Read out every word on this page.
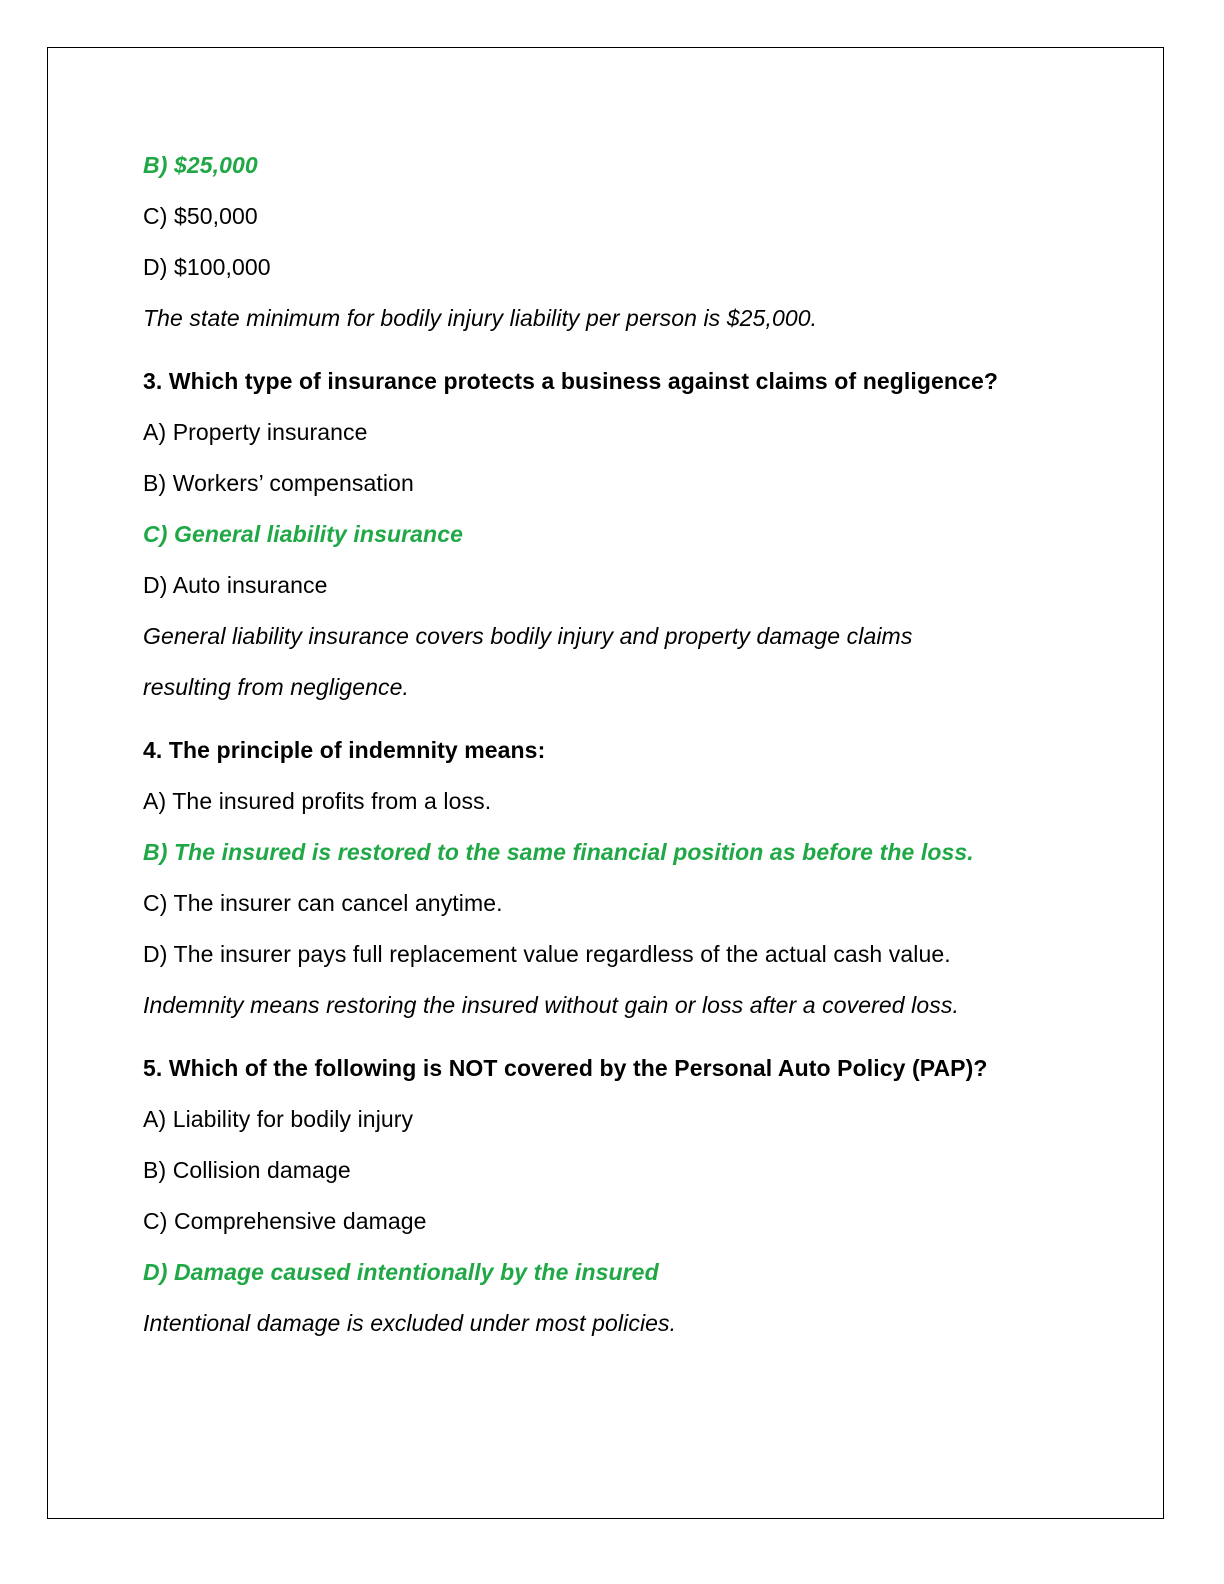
B) $25,000
C) $50,000
D) $100,000
The state minimum for bodily injury liability per person is $25,000.
3. Which type of insurance protects a business against claims of negligence?
A) Property insurance
B) Workers’ compensation
C) General liability insurance
D) Auto insurance
General liability insurance covers bodily injury and property damage claims
resulting from negligence.
4. The principle of indemnity means:
A) The insured profits from a loss.
B) The insured is restored to the same financial position as before the loss.
C) The insurer can cancel anytime.
D) The insurer pays full replacement value regardless of the actual cash value.
Indemnity means restoring the insured without gain or loss after a covered loss.
5. Which of the following is NOT covered by the Personal Auto Policy (PAP)?
A) Liability for bodily injury
B) Collision damage
C) Comprehensive damage
D) Damage caused intentionally by the insured
Intentional damage is excluded under most policies.
